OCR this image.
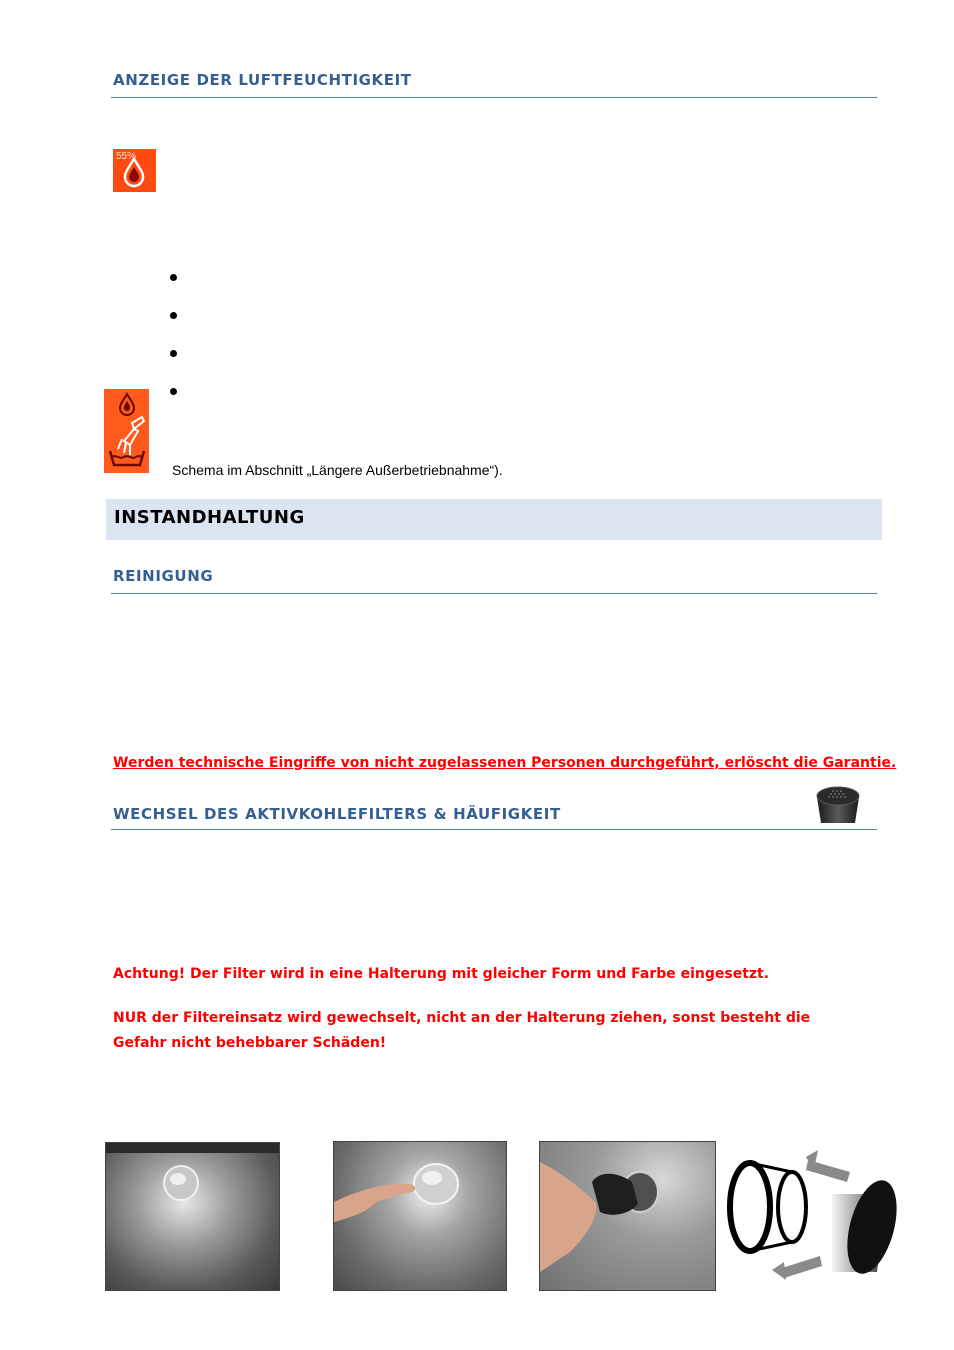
ANZEIGE DER LUFTFEUCHTIGKEIT
55%
Schema im Abschnitt „Längere Außerbetriebnahme“).
INSTANDHALTUNG
REINIGUNG
Werden technische Eingriffe von nicht zugelassenen Personen durchgeführt, erlöscht die Garantie.
WECHSEL DES AKTIVKOHLEFILTERS & HÄUFIGKEIT
Achtung! Der Filter wird in eine Halterung mit gleicher Form und Farbe eingesetzt.
NUR der Filtereinsatz wird gewechselt, nicht an der Halterung ziehen, sonst besteht die Gefahr nicht behebbarer Schäden!
